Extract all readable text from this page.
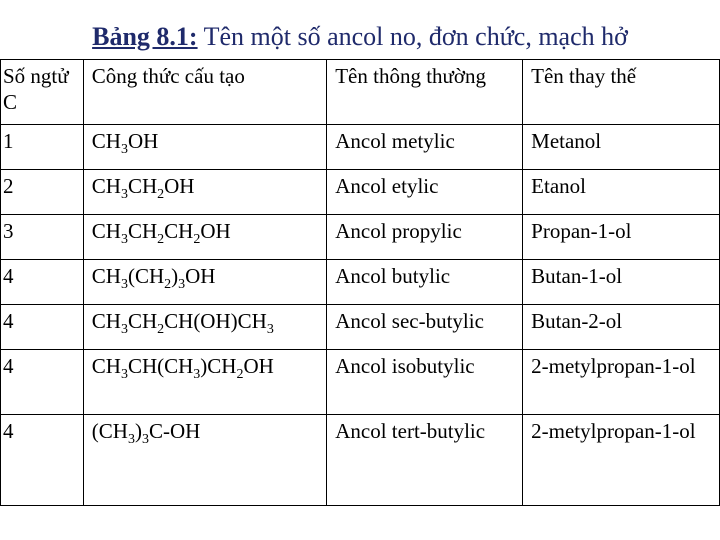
Bảng 8.1: Tên một số ancol no, đơn chức, mạch hở
Số ngtử C	Công thức cấu tạo	Tên thông thường	Tên thay thế
1	$CH_3OH$	Ancol metylic	Metanol
2	$CH_3CH_2OH$	Ancol etylic	Etanol
3	$CH_3CH_2CH_2OH$	Ancol propylic	Propan-1-ol
4	$CH_3(CH_2)_3OH$	Ancol butylic	Butan-1-ol
4	$CH_3CH_2CH(OH)CH_3$	Ancol sec-butylic	Butan-2-ol
4	$CH_3CH(CH_3)CH_2OH$	Ancol isobutylic	2-metylpropan-1-ol
4	$(CH_3)_3C-OH$	Ancol tert-butylic	2-metylpropan-1-ol
